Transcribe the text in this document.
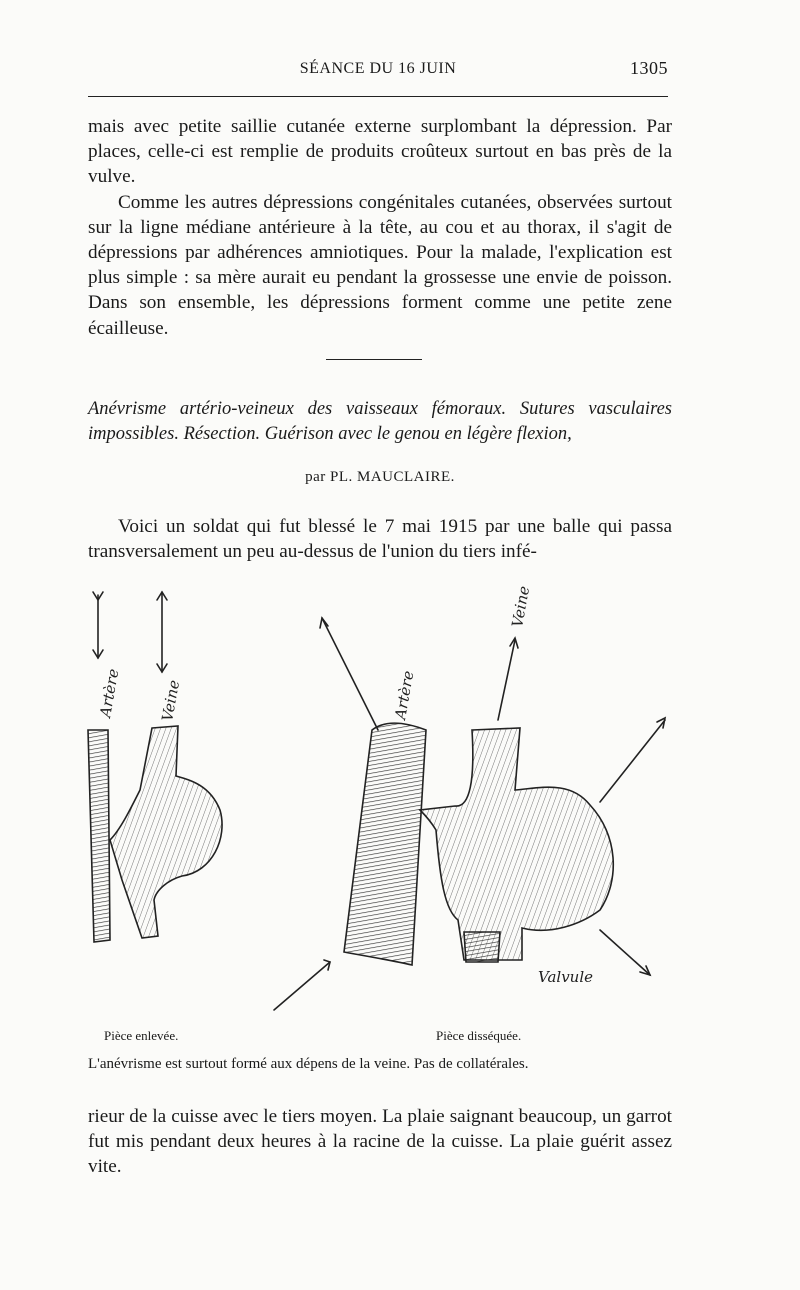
SÉANCE DU 16 JUIN	1305

mais avec petite saillie cutanée externe surplombant la dépression. Par places, celle-ci est remplie de produits croûteux surtout en bas près de la vulve.

Comme les autres dépressions congénitales cutanées, observées surtout sur la ligne médiane antérieure à la tête, au cou et au thorax, il s'agit de dépressions par adhérences amniotiques. Pour la malade, l'explication est plus simple : sa mère aurait eu pendant la grossesse une envie de poisson. Dans son ensemble, les dépressions forment comme une petite zene écailleuse.

Anévrisme artério-veineux des vaisseaux fémoraux. Sutures vasculaires impossibles. Résection. Guérison avec le genou en légère flexion,
par PL. MAUCLAIRE.

Voici un soldat qui fut blessé le 7 mai 1915 par une balle qui passa transversalement un peu au-dessus de l'union du tiers infé-

Artère Veine	Artère
Veine
Valvule
Pièce enlevée.	Pièce disséquée.
L'anévrisme est surtout formé aux dépens de la veine. Pas de collatérales.

rieur de la cuisse avec le tiers moyen. La plaie saignant beaucoup, un garrot fut mis pendant deux heures à la racine de la cuisse. La plaie guérit assez vite.
